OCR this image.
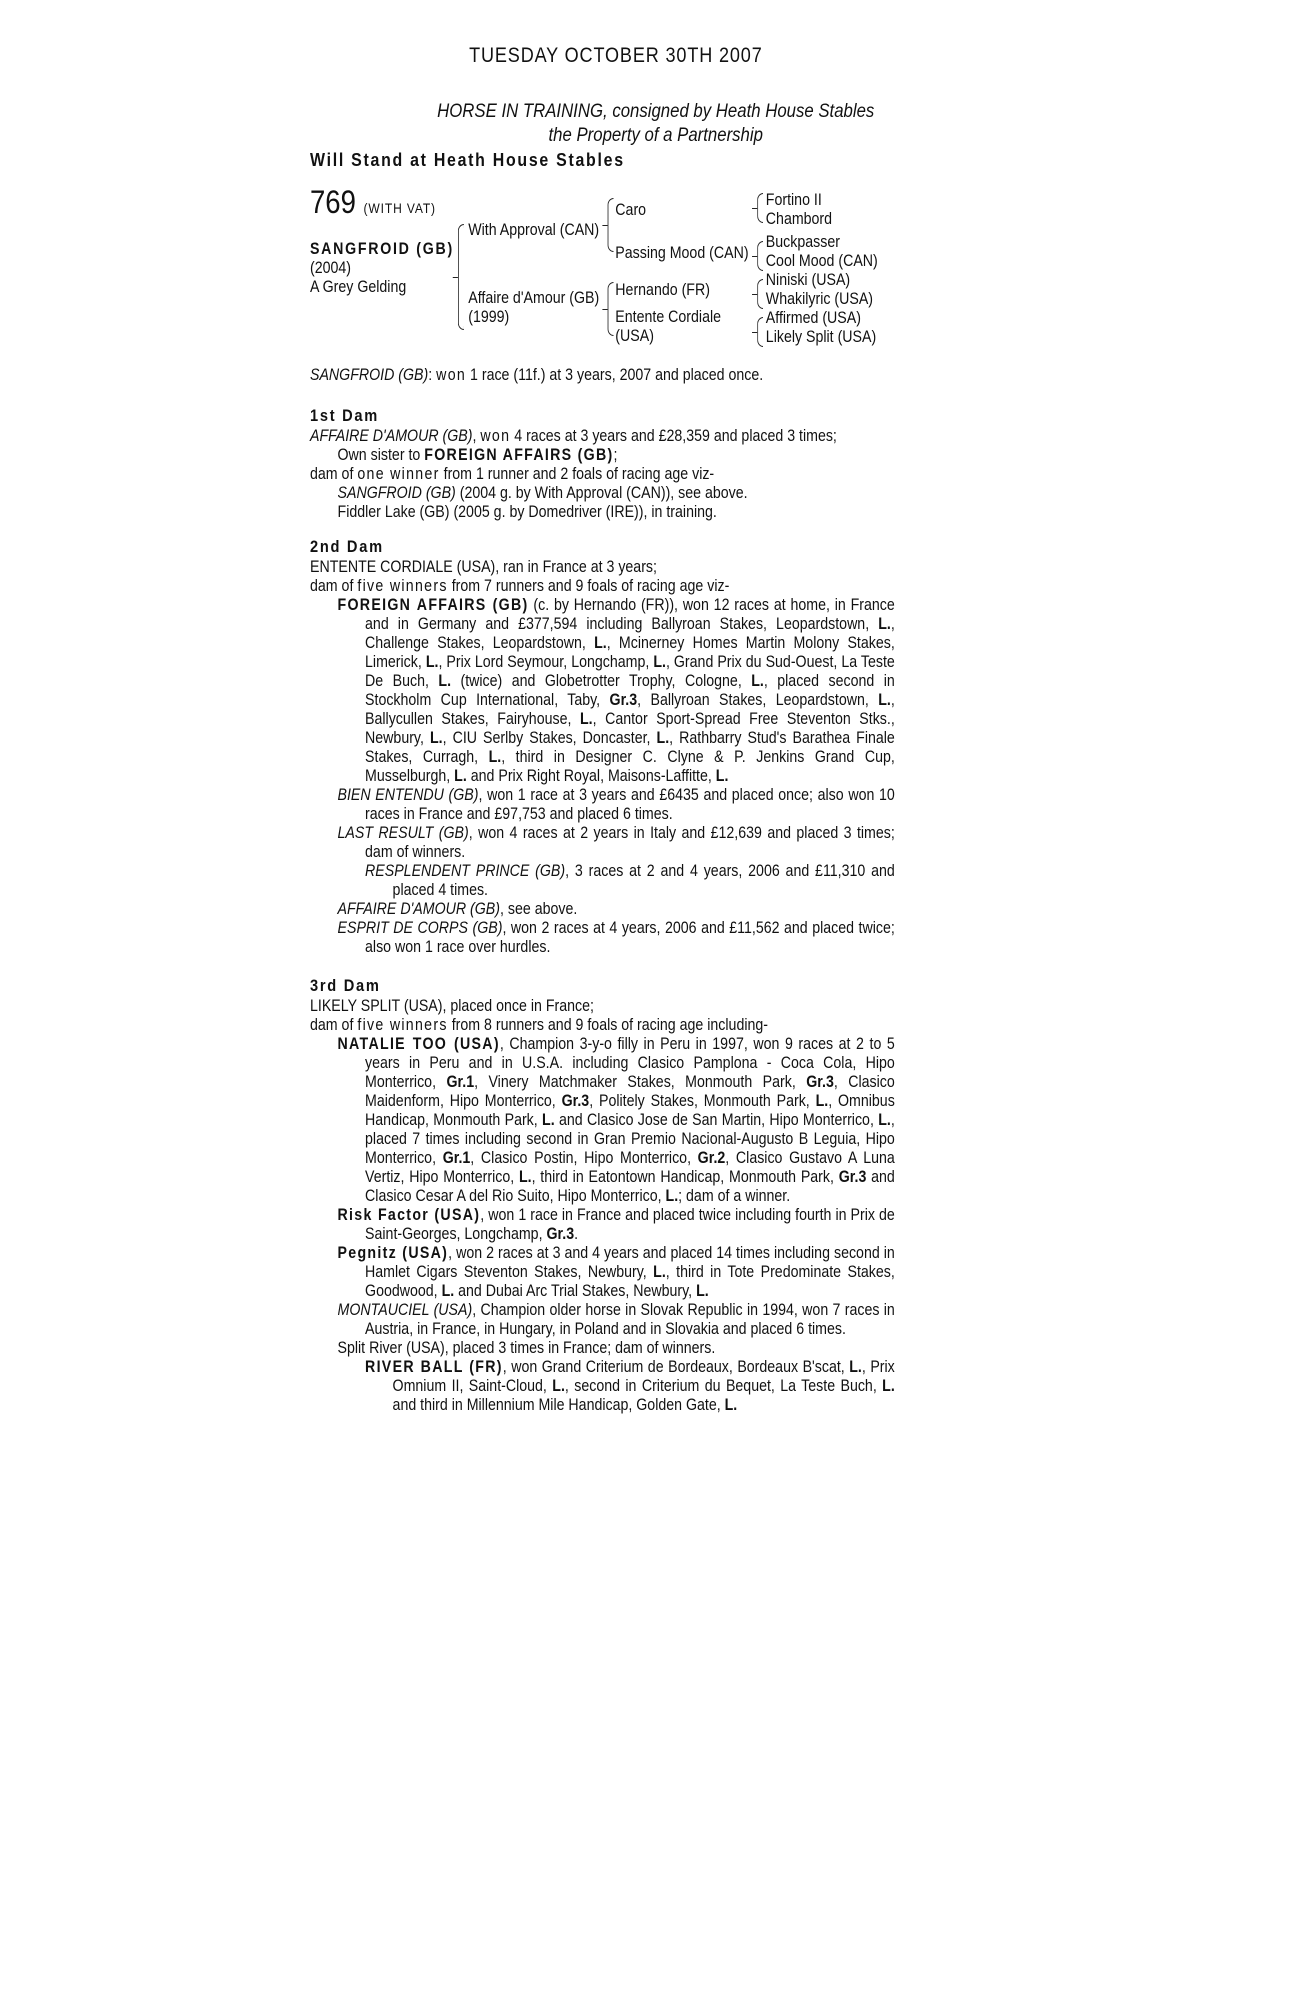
TUESDAY OCTOBER 30TH 2007
HORSE IN TRAINING, consigned by Heath House Stables
the Property of a Partnership
Will Stand at Heath House Stables
769 (WITH VAT)
SANGFROID (GB)
(2004)
A Grey Gelding
With Approval (CAN)
Affaire d'Amour (GB)
(1999)
Caro
Passing Mood (CAN)
Hernando (FR)
Entente Cordiale
(USA)
Fortino II
Chambord
Buckpasser
Cool Mood (CAN)
Niniski (USA)
Whakilyric (USA)
Affirmed (USA)
Likely Split (USA)
SANGFROID (GB): won 1 race (11f.) at 3 years, 2007 and placed once.
1st Dam
AFFAIRE D'AMOUR (GB), won 4 races at 3 years and £28,359 and placed 3 times;
Own sister to FOREIGN AFFAIRS (GB);
dam of one winner from 1 runner and 2 foals of racing age viz-
SANGFROID (GB) (2004 g. by With Approval (CAN)), see above.
Fiddler Lake (GB) (2005 g. by Domedriver (IRE)), in training.
2nd Dam
ENTENTE CORDIALE (USA), ran in France at 3 years;
dam of five winners from 7 runners and 9 foals of racing age viz-
FOREIGN AFFAIRS (GB) (c. by Hernando (FR)), won 12 races at home, in France and in Germany and £377,594 including Ballyroan Stakes, Leopardstown, L., Challenge Stakes, Leopardstown, L., Mcinerney Homes Martin Molony Stakes, Limerick, L., Prix Lord Seymour, Longchamp, L., Grand Prix du Sud-Ouest, La Teste De Buch, L. (twice) and Globetrotter Trophy, Cologne, L., placed second in Stockholm Cup International, Taby, Gr.3, Ballyroan Stakes, Leopardstown, L., Ballycullen Stakes, Fairyhouse, L., Cantor Sport-Spread Free Steventon Stks., Newbury, L., CIU Serlby Stakes, Doncaster, L., Rathbarry Stud's Barathea Finale Stakes, Curragh, L., third in Designer C. Clyne & P. Jenkins Grand Cup, Musselburgh, L. and Prix Right Royal, Maisons-Laffitte, L.
BIEN ENTENDU (GB), won 1 race at 3 years and £6435 and placed once; also won 10 races in France and £97,753 and placed 6 times.
LAST RESULT (GB), won 4 races at 2 years in Italy and £12,639 and placed 3 times; dam of winners.
RESPLENDENT PRINCE (GB), 3 races at 2 and 4 years, 2006 and £11,310 and placed 4 times.
AFFAIRE D'AMOUR (GB), see above.
ESPRIT DE CORPS (GB), won 2 races at 4 years, 2006 and £11,562 and placed twice; also won 1 race over hurdles.
3rd Dam
LIKELY SPLIT (USA), placed once in France;
dam of five winners from 8 runners and 9 foals of racing age including-
NATALIE TOO (USA), Champion 3-y-o filly in Peru in 1997, won 9 races at 2 to 5 years in Peru and in U.S.A. including Clasico Pamplona - Coca Cola, Hipo Monterrico, Gr.1, Vinery Matchmaker Stakes, Monmouth Park, Gr.3, Clasico Maidenform, Hipo Monterrico, Gr.3, Politely Stakes, Monmouth Park, L., Omnibus Handicap, Monmouth Park, L. and Clasico Jose de San Martin, Hipo Monterrico, L., placed 7 times including second in Gran Premio Nacional-Augusto B Leguia, Hipo Monterrico, Gr.1, Clasico Postin, Hipo Monterrico, Gr.2, Clasico Gustavo A Luna Vertiz, Hipo Monterrico, L., third in Eatontown Handicap, Monmouth Park, Gr.3 and Clasico Cesar A del Rio Suito, Hipo Monterrico, L.; dam of a winner.
Risk Factor (USA), won 1 race in France and placed twice including fourth in Prix de Saint-Georges, Longchamp, Gr.3.
Pegnitz (USA), won 2 races at 3 and 4 years and placed 14 times including second in Hamlet Cigars Steventon Stakes, Newbury, L., third in Tote Predominate Stakes, Goodwood, L. and Dubai Arc Trial Stakes, Newbury, L.
MONTAUCIEL (USA), Champion older horse in Slovak Republic in 1994, won 7 races in Austria, in France, in Hungary, in Poland and in Slovakia and placed 6 times.
Split River (USA), placed 3 times in France; dam of winners.
RIVER BALL (FR), won Grand Criterium de Bordeaux, Bordeaux B'scat, L., Prix Omnium II, Saint-Cloud, L., second in Criterium du Bequet, La Teste Buch, L. and third in Millennium Mile Handicap, Golden Gate, L.
